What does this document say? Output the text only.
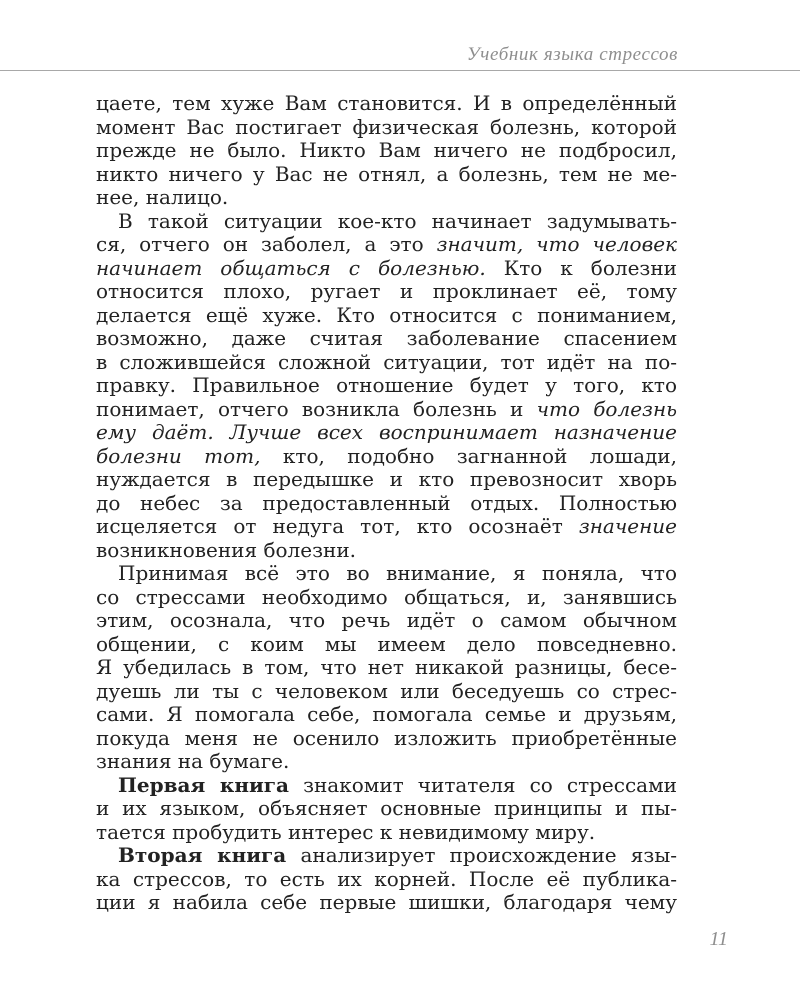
Учебник языка стрессов
цаете, тем хуже Вам становится. И в определённый
момент Вас постигает физическая болезнь, которой
прежде не было. Никто Вам ничего не подбросил,
никто ничего у Вас не отнял, а болезнь, тем не ме-
нее, налицо.
В такой ситуации кое-кто начинает задумывать-
ся, отчего он заболел, а это значит, что человек
начинает общаться с болезнью. Кто к болезни
относится плохо, ругает и проклинает её, тому
делается ещё хуже. Кто относится с пониманием,
возможно, даже считая заболевание спасением
в сложившейся сложной ситуации, тот идёт на по-
правку. Правильное отношение будет у того, кто
понимает, отчего возникла болезнь и что болезнь
ему даёт. Лучше всех воспринимает назначение
болезни тот, кто, подобно загнанной лошади,
нуждается в передышке и кто превозносит хворь
до небес за предоставленный отдых. Полностью
исцеляется от недуга тот, кто осознаёт значение
возникновения болезни.
Принимая всё это во внимание, я поняла, что
со стрессами необходимо общаться, и, занявшись
этим, осознала, что речь идёт о самом обычном
общении, с коим мы имеем дело повседневно.
Я убедилась в том, что нет никакой разницы, бесе-
дуешь ли ты с человеком или беседуешь со стрес-
сами. Я помогала себе, помогала семье и друзьям,
покуда меня не осенило изложить приобретённые
знания на бумаге.
Первая книга знакомит читателя со стрессами
и их языком, объясняет основные принципы и пы-
тается пробудить интерес к невидимому миру.
Вторая книга анализирует происхождение язы-
ка стрессов, то есть их корней. После её публика-
ции я набила себе первые шишки, благодаря чему
11
